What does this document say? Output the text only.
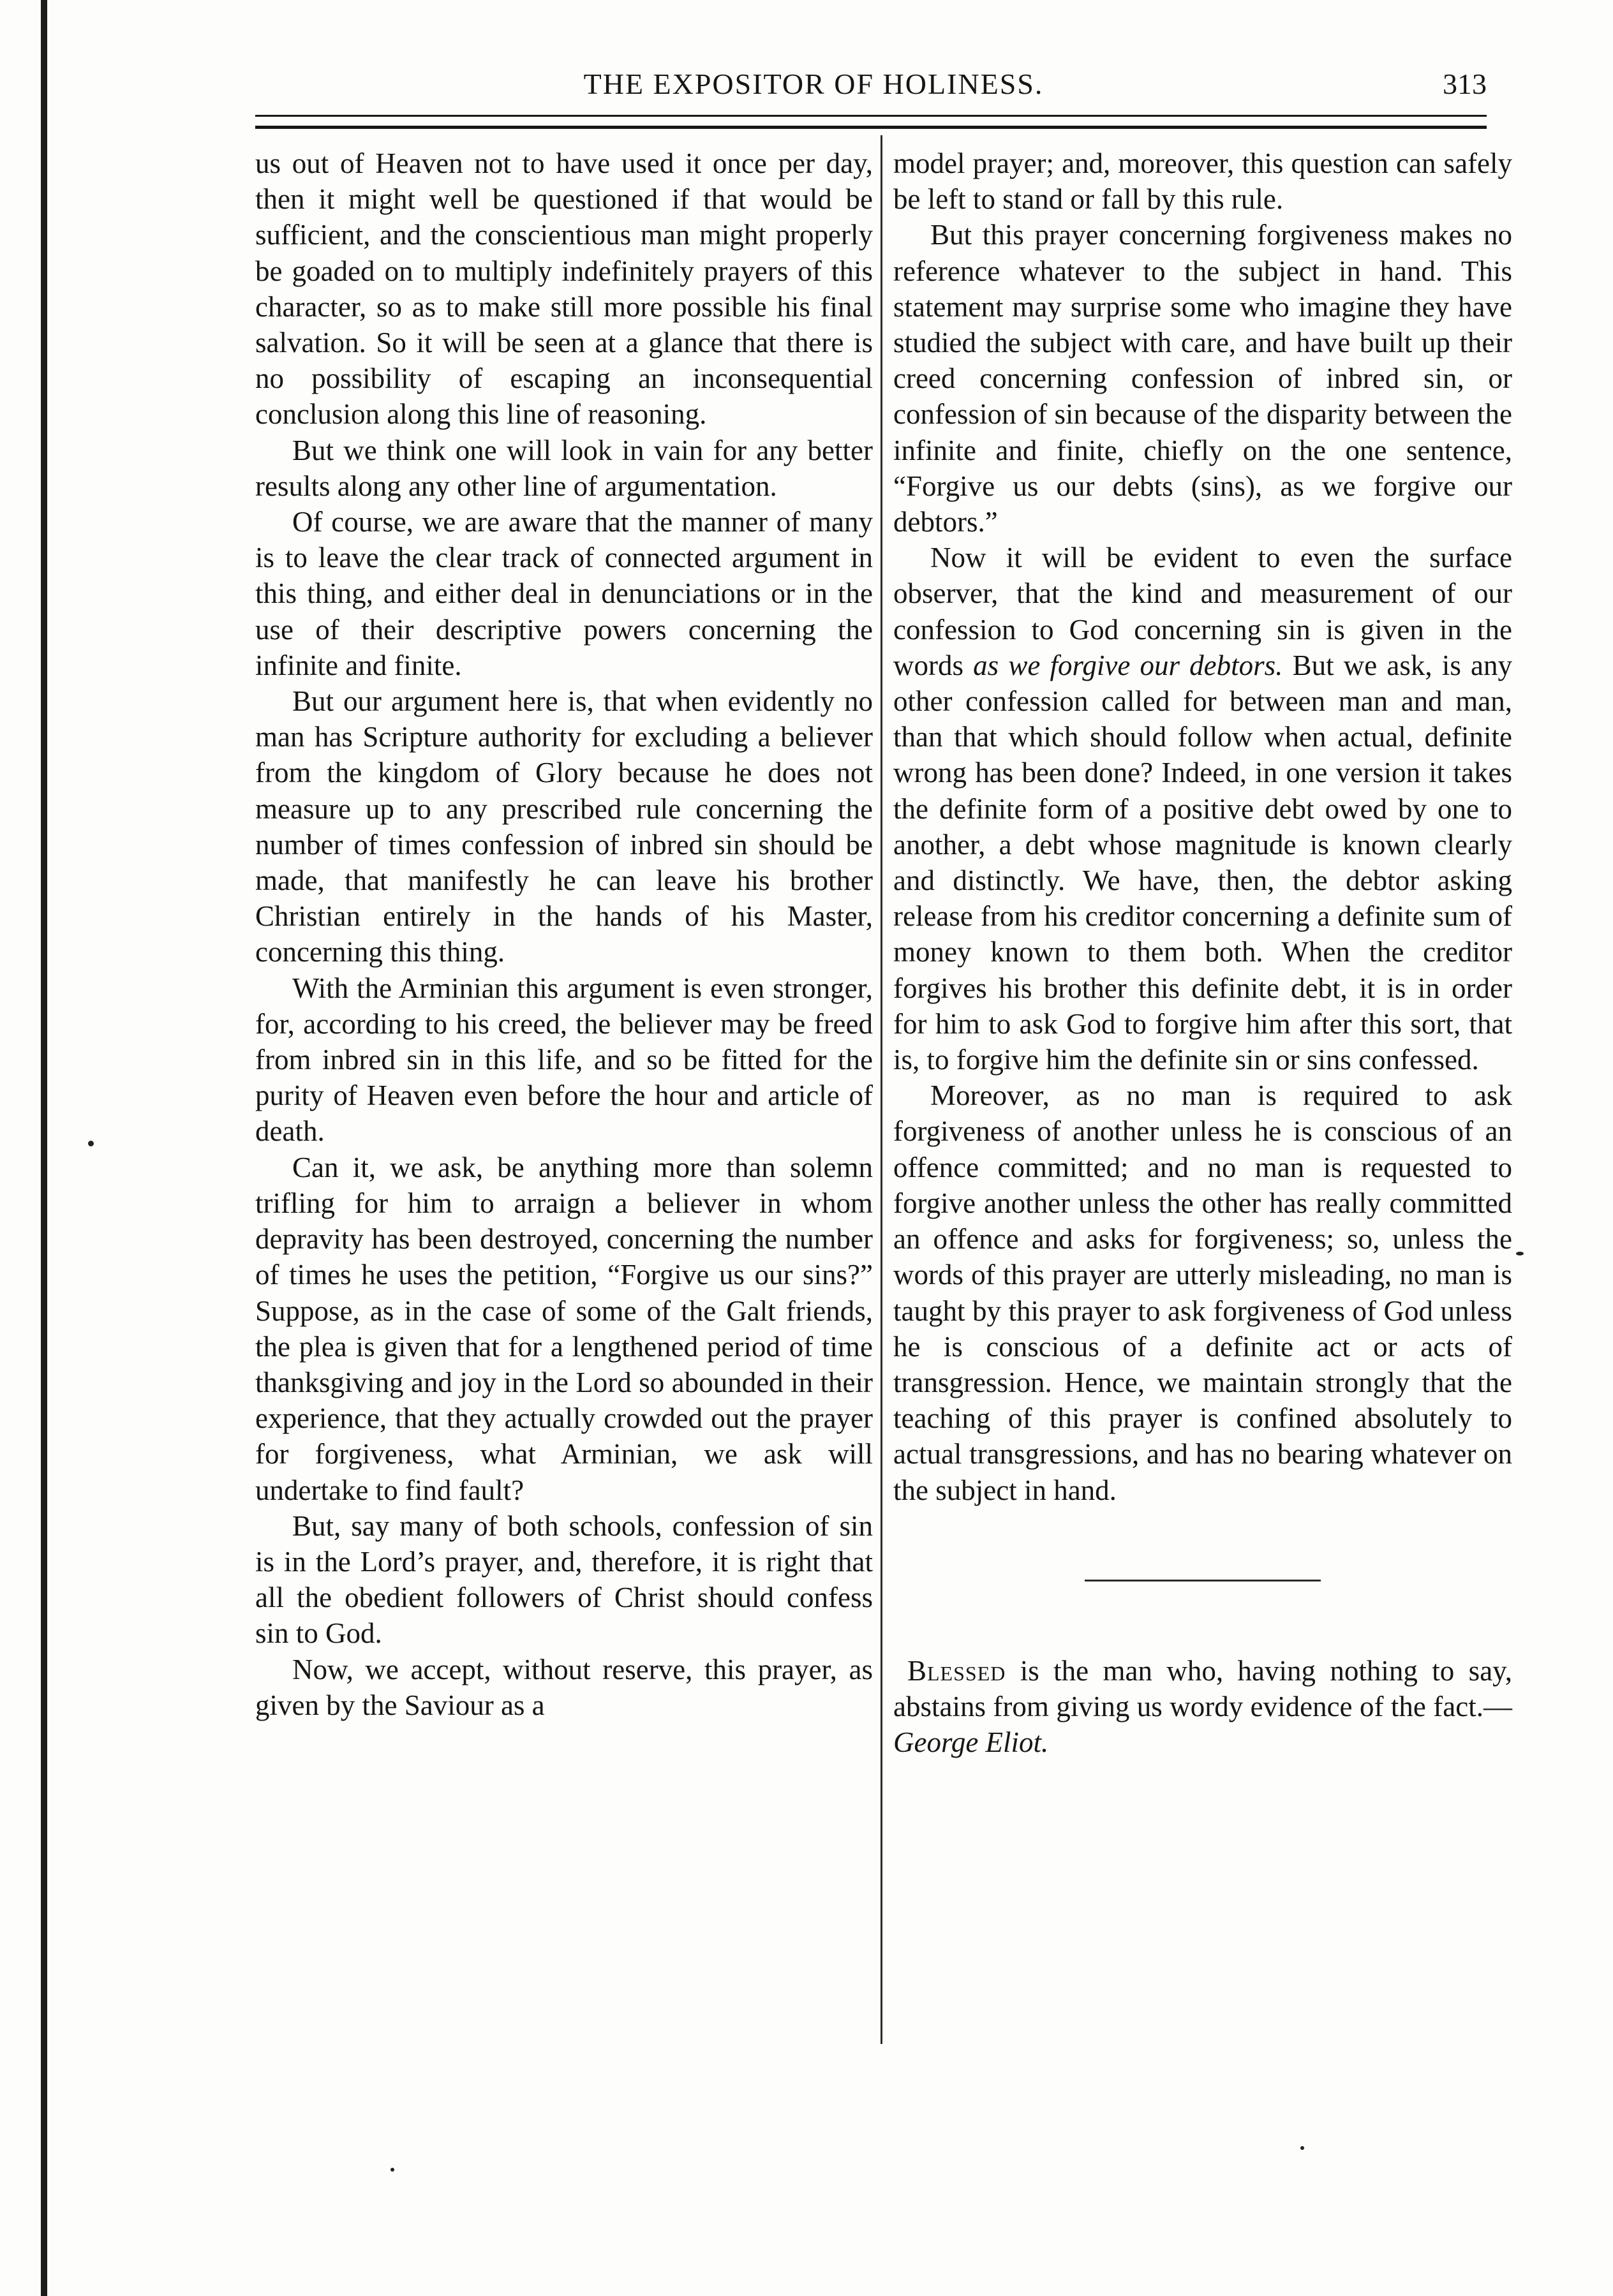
THE EXPOSITOR OF HOLINESS.	313

us out of Heaven not to have used it once per day, then it might well be questioned if that would be sufficient, and the conscientious man might properly be goaded on to multiply indefinitely prayers of this character, so as to make still more possible his final salvation. So it will be seen at a glance that there is no possibility of escaping an inconsequential conclusion along this line of reasoning.

But we think one will look in vain for any better results along any other line of argumentation.

Of course, we are aware that the manner of many is to leave the clear track of connected argument in this thing, and either deal in denunciations or in the use of their descriptive powers concerning the infinite and finite.

But our argument here is, that when evidently no man has Scripture authority for excluding a believer from the kingdom of Glory because he does not measure up to any prescribed rule concerning the number of times confession of inbred sin should be made, that manifestly he can leave his brother Christian entirely in the hands of his Master, concerning this thing.

With the Arminian this argument is even stronger, for, according to his creed, the believer may be freed from inbred sin in this life, and so be fitted for the purity of Heaven even before the hour and article of death.

Can it, we ask, be anything more than solemn trifling for him to arraign a believer in whom depravity has been destroyed, concerning the number of times he uses the petition, “Forgive us our sins?” Suppose, as in the case of some of the Galt friends, the plea is given that for a lengthened period of time thanksgiving and joy in the Lord so abounded in their experience, that they actually crowded out the prayer for forgiveness, what Arminian, we ask will undertake to find fault?

But, say many of both schools, confession of sin is in the Lord’s prayer, and, therefore, it is right that all the obedient followers of Christ should confess sin to God.

Now, we accept, without reserve, this prayer, as given by the Saviour as a

model prayer; and, moreover, this question can safely be left to stand or fall by this rule.

But this prayer concerning forgiveness makes no reference whatever to the subject in hand. This statement may surprise some who imagine they have studied the subject with care, and have built up their creed concerning confession of inbred sin, or confession of sin because of the disparity between the infinite and finite, chiefly on the one sentence, “Forgive us our debts (sins), as we forgive our debtors.”

Now it will be evident to even the surface observer, that the kind and measurement of our confession to God concerning sin is given in the words as we forgive our debtors. But we ask, is any other confession called for between man and man, than that which should follow when actual, definite wrong has been done? Indeed, in one version it takes the definite form of a positive debt owed by one to another, a debt whose magnitude is known clearly and distinctly. We have, then, the debtor asking release from his creditor concerning a definite sum of money known to them both. When the creditor forgives his brother this definite debt, it is in order for him to ask God to forgive him after this sort, that is, to forgive him the definite sin or sins confessed.

Moreover, as no man is required to ask forgiveness of another unless he is conscious of an offence committed; and no man is requested to forgive another unless the other has really committed an offence and asks for forgiveness; so, unless the words of this prayer are utterly misleading, no man is taught by this prayer to ask forgiveness of God unless he is conscious of a definite act or acts of transgression. Hence, we maintain strongly that the teaching of this prayer is confined absolutely to actual transgressions, and has no bearing whatever on the subject in hand.

Blessed is the man who, having nothing to say, abstains from giving us wordy evidence of the fact.—George Eliot.
